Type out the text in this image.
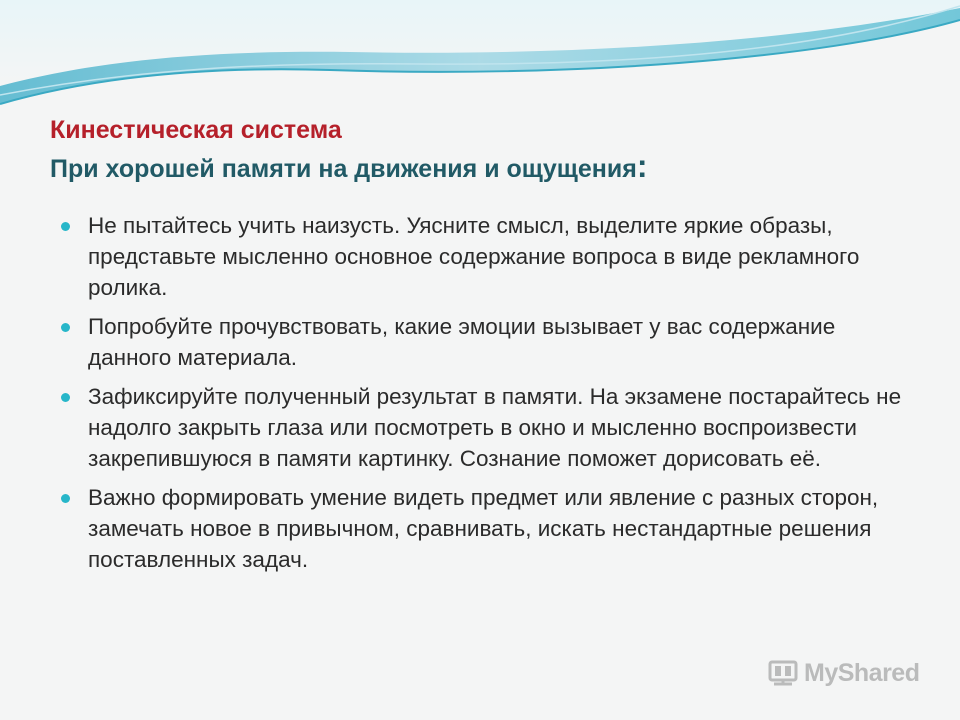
Кинестическая система

При хорошей памяти на движения и ощущения:

Не пытайтесь учить наизусть. Уясните смысл, выделите яркие образы, представьте мысленно основное содержание вопроса в виде рекламного ролика.
Попробуйте прочувствовать, какие эмоции вызывает у вас содержание данного материала.
Зафиксируйте полученный результат в памяти. На экзамене постарайтесь не надолго закрыть глаза или посмотреть в окно и мысленно воспроизвести закрепившуюся в памяти картинку. Сознание поможет дорисовать её.
Важно формировать умение видеть предмет или явление с разных сторон, замечать новое в привычном, сравнивать, искать нестандартные решения поставленных задач.
MyShared
